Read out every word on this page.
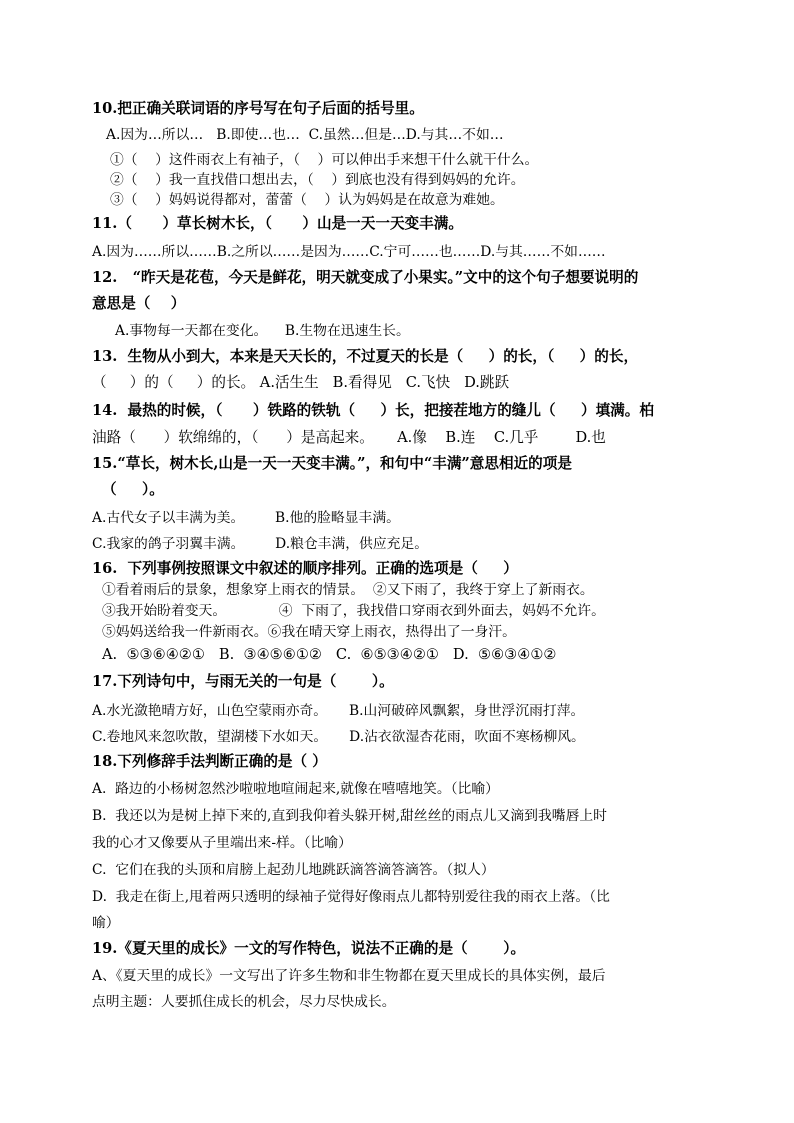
10.把正确关联词语的序号写在句子后面的括号里。
A.因为…所以…   B.即使…也…  C.虽然…但是…D.与其…不如…
①（    ）这件雨衣上有袖子，（    ）可以伸出手来想干什么就干什么。
②（    ）我一直找借口想出去，（    ）到底也没有得到妈妈的允许。
③（    ）妈妈说得都对，蕾蕾（    ）认为妈妈是在故意为难她。
11.（      ）草长树木长，（      ）山是一天一天变丰满。
A.因为……所以……B.之所以……是因为……C.宁可……也……D.与其……不如……
12.   “昨天是花苞，今天是鲜花，明天就变成了小果实。”文中的这个句子想要说明的
意思是（    ）
A.事物每一天都在变化。    B.生物在迅速生长。
13.  生物从小到大，本来是天天长的，不过夏天的长是（     ）的长，（     ）的长，
（     ）的（     ）的长。 A.活生生   B.看得见   C.飞快   D.跳跃
14.  最热的时候，（      ）铁路的铁轨（     ）长，把接茬地方的缝儿（     ）填满。柏
油路（      ）软绵绵的，（      ）是高起来。     A.像    B.连    C.几乎        D.也
15.“草长，树木长,山是一天一天变丰满。”，和句中“丰满”意思相近的项是
（     ）。
A.古代女子以丰满为美。       B.他的脸略显丰满。
C.我家的鸽子羽翼丰满。       D.粮仓丰满，供应充足。
16.  下列事例按照课文中叙述的顺序排列。正确的选项是（     ）
①看着雨后的景象，想象穿上雨衣的情景。  ②又下雨了，我终于穿上了新雨衣。
③我开始盼着变天。            ④  下雨了，我找借口穿雨衣到外面去，妈妈不允许。
⑤妈妈送给我一件新雨衣。⑥我在晴天穿上雨衣，热得出了一身汗。
A.  ⑤③⑥④②①   B.  ③④⑤⑥①②   C.  ⑥⑤③④②①   D.  ⑤⑥③④①②
17.下列诗句中，与雨无关的一句是（       ）。
A.水光潋艳晴方好，山色空蒙雨亦奇。     B.山河破碎风飘絮，身世浮沉雨打萍。
C.卷地风来忽吹散，望湖楼下水如天。     D.沾衣欲湿杏花雨，吹面不寒杨柳风。
18.下列修辞手法判断正确的是（ ）
A.  路边的小杨树忽然沙啦啦地喧闹起来,就像在嘻嘻地笑。（比喻）
B.  我还以为是树上掉下来的,直到我仰着头躲开树,甜丝丝的雨点儿又滴到我嘴唇上时
我的心才又像要从子里端出来-样。（比喻）
C.  它们在我的头顶和肩膀上起劲儿地跳跃滴答滴答滴答。（拟人）
D.  我走在街上,甩着两只透明的绿袖子觉得好像雨点儿都特别爱往我的雨衣上落。（比
喻）
19.《夏天里的成长》一文的写作特色，说法不正确的是（       ）。
A、《夏天里的成长》一文写出了许多生物和非生物都在夏天里成长的具体实例，最后
点明主题：人要抓住成长的机会，尽力尽快成长。
